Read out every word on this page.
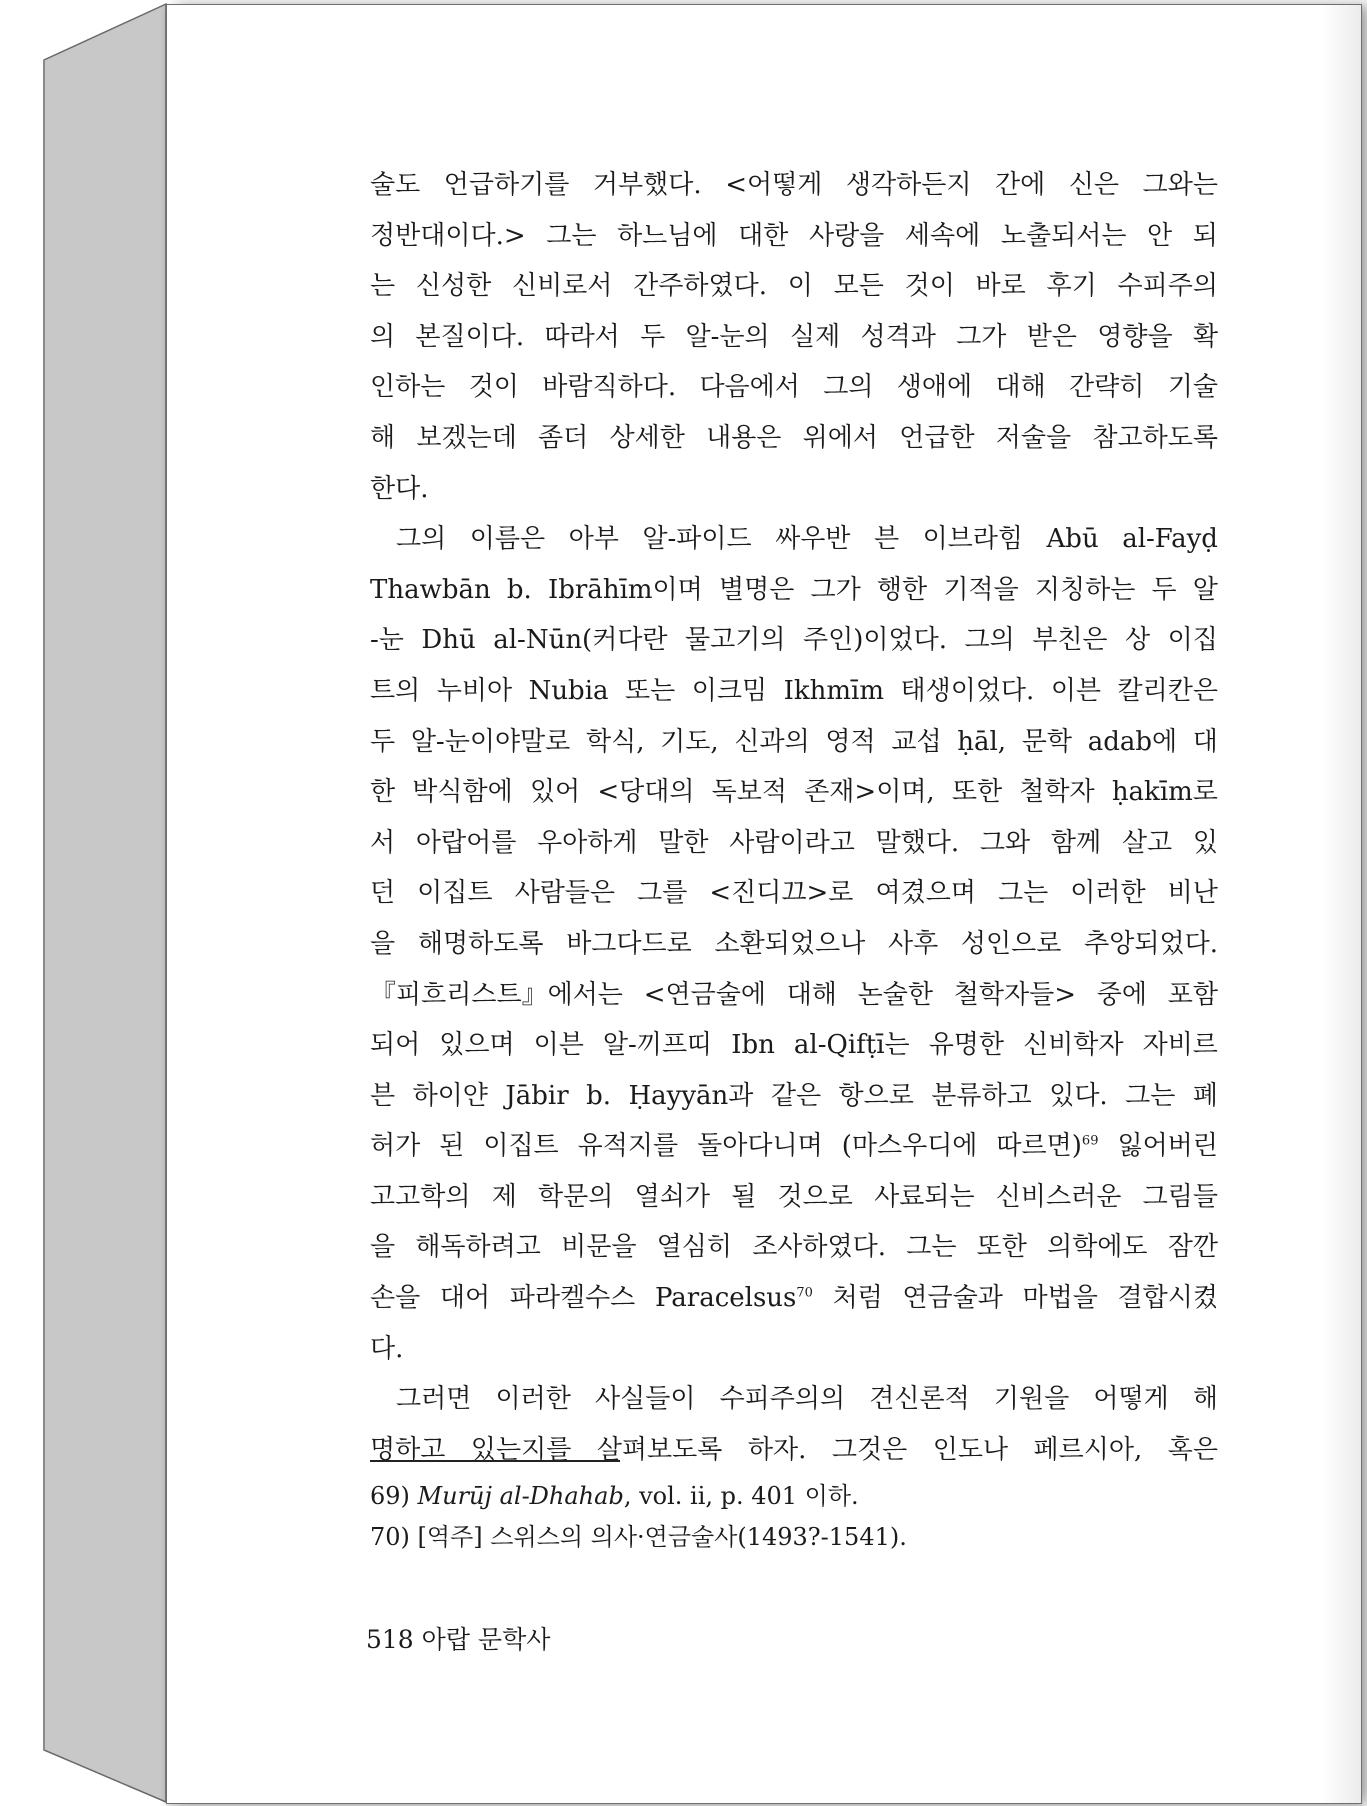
술도 언급하기를 거부했다. <어떻게 생각하든지 간에 신은 그와는
정반대이다.> 그는 하느님에 대한 사랑을 세속에 노출되서는 안 되
는 신성한 신비로서 간주하였다. 이 모든 것이 바로 후기 수피주의
의 본질이다. 따라서 두 알-눈의 실제 성격과 그가 받은 영향을 확
인하는 것이 바람직하다. 다음에서 그의 생애에 대해 간략히 기술
해 보겠는데 좀더 상세한 내용은 위에서 언급한 저술을 참고하도록
한다.
　그의 이름은 아부 알-파이드 싸우반 븐 이브라힘 Abū al-Fayḍ
Thawbān b. Ibrāhīm이며 별명은 그가 행한 기적을 지칭하는 두 알
-눈 Dhū al-Nūn(커다란 물고기의 주인)이었다. 그의 부친은 상 이집
트의 누비아 Nubia 또는 이크밈 Ikhmīm 태생이었다. 이븐 칼리칸은
두 알-눈이야말로 학식, 기도, 신과의 영적 교섭 ḥāl, 문학 adab에 대
한 박식함에 있어 <당대의 독보적 존재>이며, 또한 철학자 ḥakīm로
서 아랍어를 우아하게 말한 사람이라고 말했다. 그와 함께 살고 있
던 이집트 사람들은 그를 <진디끄>로 여겼으며 그는 이러한 비난
을 해명하도록 바그다드로 소환되었으나 사후 성인으로 추앙되었다.
『피흐리스트』에서는 <연금술에 대해 논술한 철학자들> 중에 포함
되어 있으며 이븐 알-끼프띠 Ibn al-Qifṭī는 유명한 신비학자 자비르
븐 하이얀 Jābir b. Ḥayyān과 같은 항으로 분류하고 있다. 그는 폐
허가 된 이집트 유적지를 돌아다니며 (마스우디에 따르면)$^{69}$ 잃어버린
고고학의 제 학문의 열쇠가 될 것으로 사료되는 신비스러운 그림들
을 해독하려고 비문을 열심히 조사하였다. 그는 또한 의학에도 잠깐
손을 대어 파라켈수스 Paracelsus$^{70}$ 처럼 연금술과 마법을 결합시켰
다.
　그러면 이러한 사실들이 수피주의의 견신론적 기원을 어떻게 해
명하고 있는지를 살펴보도록 하자. 그것은 인도나 페르시아, 혹은
69) Murūj al-Dhahab, vol. ii, p. 401 이하.
70) [역주] 스위스의 의사·연금술사(1493?-1541).
518 아랍 문학사
